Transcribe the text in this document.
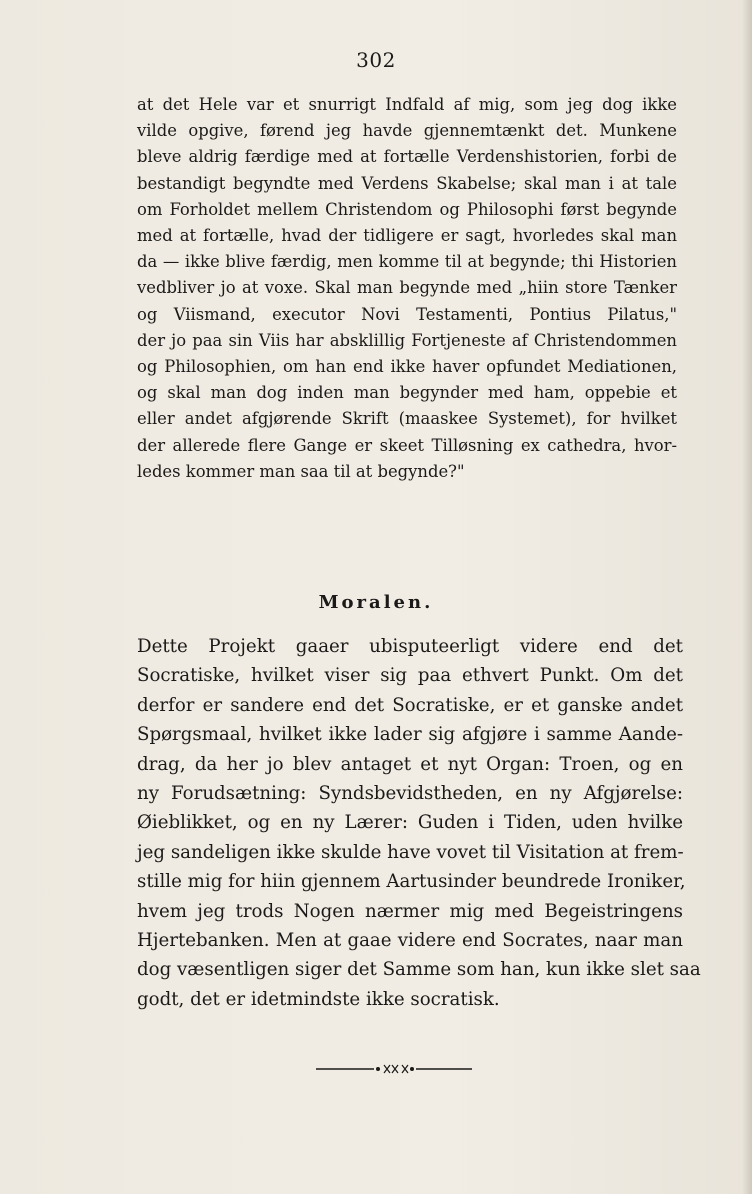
302
at det Hele var et snurrigt Indfald af mig, som jeg dog ikke
vilde opgive, førend jeg havde gjennemtænkt det. Munkene
bleve aldrig færdige med at fortælle Verdenshistorien, forbi de
bestandigt begyndte med Verdens Skabelse; skal man i at tale
om Forholdet mellem Christendom og Philosophi først begynde
med at fortælle, hvad der tidligere er sagt, hvorledes skal man
da — ikke blive færdig, men komme til at begynde; thi Historien
vedbliver jo at voxe. Skal man begynde med „hiin store Tænker
og Viismand, executor Novi Testamenti, Pontius Pilatus,"
der jo paa sin Viis har absklillig Fortjeneste af Christendommen
og Philosophien, om han end ikke haver opfundet Mediationen,
og skal man dog inden man begynder med ham, oppebie et
eller andet afgjørende Skrift (maaskee Systemet), for hvilket
der allerede flere Gange er skeet Tilløsning ex cathedra, hvor-
ledes kommer man saa til at begynde?"
Moralen.
Dette Projekt gaaer ubisputeerligt videre end det
Socratiske, hvilket viser sig paa ethvert Punkt. Om det
derfor er sandere end det Socratiske, er et ganske andet
Spørgsmaal, hvilket ikke lader sig afgjøre i samme Aande-
drag, da her jo blev antaget et nyt Organ: Troen, og en
ny Forudsætning: Syndsbevidstheden, en ny Afgjørelse:
Øieblikket, og en ny Lærer: Guden i Tiden, uden hvilke
jeg sandeligen ikke skulde have vovet til Visitation at frem-
stille mig for hiin gjennem Aartusinder beundrede Ironiker,
hvem jeg trods Nogen nærmer mig med Begeistringens
Hjertebanken. Men at gaae videre end Socrates, naar man
dog væsentligen siger det Samme som han, kun ikke slet saa
godt, det er idetmindste ikke socratisk.
